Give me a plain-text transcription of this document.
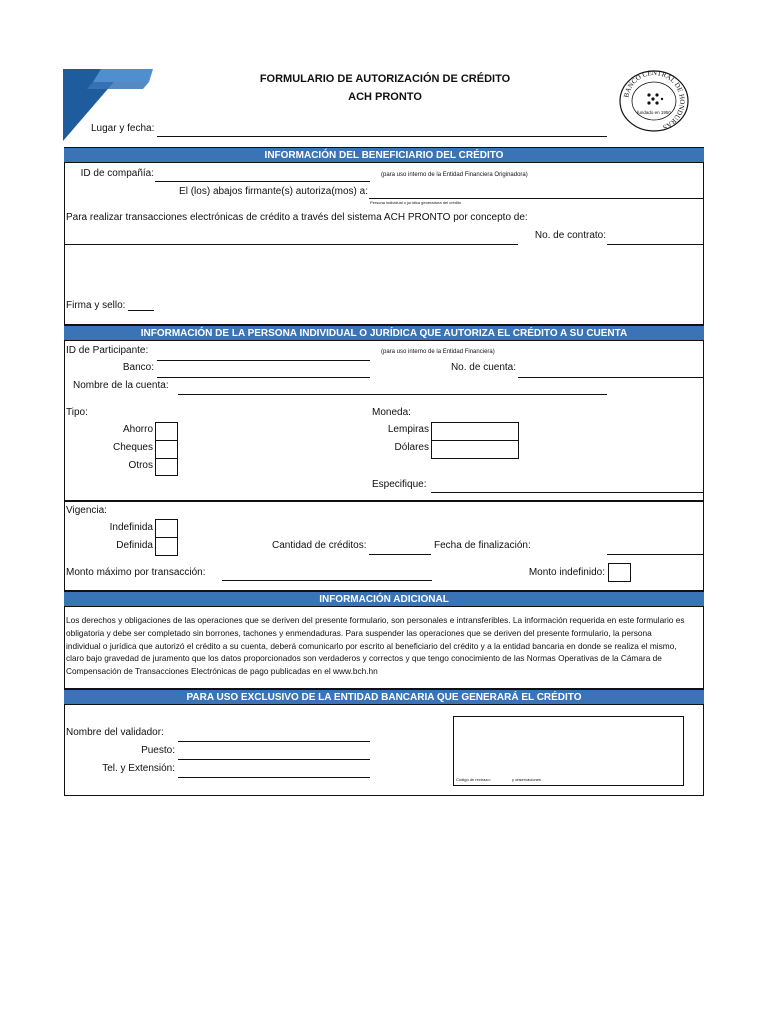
FORMULARIO DE AUTORIZACIÓN DE CRÉDITO
ACH PRONTO	BANCO CENTRAL DE HONDURAS
fundado en 1950
Lugar y fecha:
INFORMACIÓN DEL BENEFICIARIO DEL CRÉDITO
ID de compañía:	(para uso interno de la Entidad Financiera Originadora)
El (los) abajos firmante(s) autoriza(mos) a:
Persona individual o jurídica generadora del crédito
Para realizar transacciones electrónicas de crédito a través del sistema ACH PRONTO por concepto de:
No. de contrato:
Firma y sello:
INFORMACIÓN DE LA PERSONA INDIVIDUAL O JURÍDICA QUE AUTORIZA EL CRÉDITO A SU CUENTA
ID de Participante:	(para uso interno de la Entidad Financiera)
Banco:	No. de cuenta:
Nombre de la cuenta:
Tipo:
Ahorro
Cheques
Otros
Moneda:
Lempiras
Dólares
Especifique:
Vigencia:
Indefinida
Definida	Cantidad de créditos:	Fecha de finalización:
Monto máximo por transacción:	Monto indefinido:
INFORMACIÓN ADICIONAL
Los derechos y obligaciones de las operaciones que se deriven del presente formulario, son personales e intransferibles. La información requerida en este formulario es
obligatoria y debe ser completado sin borrones, tachones y enmendaduras. Para suspender las operaciones que se deriven del presente formulario, la persona
individual o jurídica que autorizó el crédito a su cuenta, deberá comunicarlo por escrito al beneficiario del crédito y a la entidad bancaria en donde se realiza el mismo,
claro bajo gravedad de juramento que los datos proporcionados son verdaderos y correctos y que tengo conocimiento de las Normas Operativas de la Cámara de
Compensación de Transacciones Electrónicas de pago publicadas en el www.bch.hn
PARA USO EXCLUSIVO DE LA ENTIDAD BANCARIA QUE GENERARÁ EL CRÉDITO
Nombre del validador:
Puesto:
Tel. y Extensión:
Código de rechazo:	y observaciones
